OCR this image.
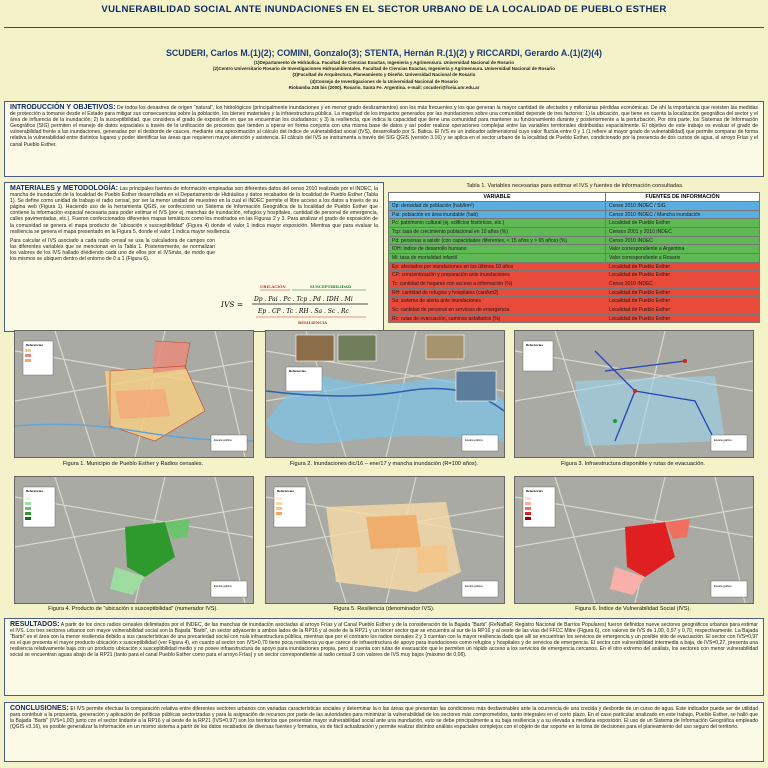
VULNERABILIDAD SOCIAL ANTE INUNDACIONES EN EL SECTOR URBANO DE LA LOCALIDAD DE PUEBLO ESTHER
SCUDERI, Carlos M.(1)(2); COMINI, Gonzalo(3); STENTA, Hernán R.(1)(2) y RICCARDI, Gerardo A.(1)(2)(4)
(1)Departamento de Hidráulica. Facultad de Ciencias Exactas, Ingeniería y Agrimensura. Universidad Nacional de Rosario
(2)Centro Universitario Rosario de Investigaciones Hidroambientales. Facultad de Ciencias Exactas, Ingeniería y Agrimensura. Universidad Nacional de Rosario
(3)Facultad de Arquitectura, Planeamiento y Diseño. Universidad Nacional de Rosario
(4)Consejo de Investigaciones de la Universidad Nacional de Rosario
Riobamba 245 bis (2000). Rosario. Santa Fe. Argentina. e-mail: cscuderi@fceia.unr.edu.ar
INTRODUCCIÓN Y OBJETIVOS: De todos los desastres de origen “natural”, los hidrológicos (principalmente inundaciones y en menor grado deslizamientos) son los más frecuentes y los que generan la mayor cantidad de afectados y millonarias pérdidas económicas. De ahí la importancia que revisten las medidas de protección a tomarse desde el Estado para mitigar sus consecuencias sobre la población, los bienes materiales y la infraestructura pública. La magnitud de los impactos generados por las inundaciones sobre una comunidad depende de tres factores: 1) la ubicación, que tiene en cuenta la localización geográfica del sector y el área de influencia de la inundación; 2) la susceptibilidad, que considera el grado de exposición en que se encuentran los ciudadanos; y 3) la resiliencia, que indica la capacidad que tiene una comunidad para mantener su funcionamiento durante y posteriormente a la perturbación. Por otra parte, los Sistemas de Información Geográfica (SIG) permiten el manejo de datos espaciales a través de la unificación de procesos que tienden a operar en forma conjunta con una misma base de datos y así poder realizar operaciones complejas entre las variables territoriales distribuidas espacialmente. El objetivo de este trabajo es evaluar el grado de vulnerabilidad frente a las inundaciones, generadas por el desborde de cauces, mediante una aproximación al cálculo del índice de vulnerabilidad social (IVS), desarrollado por S. Batica. El IVS es un indicador adimensional cuyo valor fluctúa entre 0 y 1 (1 refiere al mayor grado de vulnerabilidad) que permite comparar de forma relativa la vulnerabilidad entre distintos lugares y poder identificar las áreas que requieren mayor atención y asistencia. El cálculo del IVS se instrumenta a través del SIG QGIS (versión 3.16) y se aplica en el sector urbano de la localidad de Pueblo Esther, condicionado por la presencia de dos cursos de agua, el arroyo Frías y el canal Pueblo Esther.
MATERIALES y METODOLOGÍA: Las principales fuentes de información empleadas son diferentes datos del censo 2010 realizado por el INDEC, la mancha de inundación de la localidad de Pueblo Esther desarrollada en el Departamento de Hidráulica y datos recabados de la localidad de Pueblo Esther (Tabla 1). Se define como unidad de trabajo el radio censal, por ser la menor unidad de muestreo en la cual el INDEC permite el libre acceso a los datos a través de su página web (Figura 1). Haciendo uso de la herramienta QGIS, se confeccionó un Sistema de Información Geográfica de la localidad de Pueblo Esther que contiene la información espacial necesaria para poder estimar el IVS (por ej. manchas de inundación, refugios y hospitales, cantidad de personal de emergencia, calles pavimentadas, etc.). Fueron confeccionados diferentes mapas temáticos como los mostrados en las Figuras 2 y 3. Para analizar el grado de exposición de la comunidad se genera el mapa producto de “ubicación x susceptibilidad” (Figura 4) donde el valor 1 indica mayor exposición. Mientras que para evaluar la resiliencia se genera el mapa presentado en la Figura 5, donde el valor 1 indica mayor resiliencia.
Para calcular el IVS asociado a cada radio censal se usa la calculadora de campos con las diferentes variables que se mencionan en la Tabla 1. Posteriormente, se normalizan los valores de los IVS hallado dividiendo cada uno de ellos por el IVSmáx, de modo que los mismos se ubiquen dentro del entorno de 0 a 1 (Figura 6).
IVS =
UBICACIÓN	SUSCEPTIBILIDAD
Dp . Pai . Pc . Tcp . Pd . IDH . Mi
Ep . CP . Tc . RH . Sa . Sc . Rc
RESILIENCIA
Tabla 1. Variables necesarias para estimar el IVS y fuentes de información consultadas.
VARIABLE	FUENTES DE INFORMACIÓN
Dp: densidad de población (hab/km²)	Censo 2010 INDEC / SIG
Pai: población en área inundable (hab)	Censo 2010 INDEC / Mancha inundación
Pc: patrimonio cultural (ej. edificios históricos, etc.)	Localidad de Pueblo Esther
Tcp: tasa de crecimiento poblacional en 10 años (%)	Censos 2001 y 2010 INDEC
Pd: personas a asistir (con capacidades diferentes, < 15 años y > 65 años) (%)	Censo 2010 INDEC
IDH: índice de desarrollo humano	Valor correspondiente a Argentina
Mi: tasa de mortalidad infantil	Valor correspondiente a Rosario
Ep: afectados por inundaciones en los últimos 10 años	Localidad de Pueblo Esther
CP: concientización y preparación ante inundaciones	Localidad de Pueblo Esther
Tc: cantidad de hogares con acceso a información (%)	Censo 2010 INDEC
RH: cantidad de refugios y hospitales (can/km2)	Localidad de Pueblo Esther
Sa: sistema de alerta ante inundaciones	Localidad de Pueblo Esther
Sc: cantidad de personal en servicios de emergencia	Localidad de Pueblo Esther
Rc: rutas de evacuación, caminos asfaltados (%)	Localidad de Pueblo Esther
Referencias
Escala gráfica
Referencias
Escala gráfica
Referencias
Escala gráfica
Figura 1. Municipio de Pueblo Esther y Radios censales.	Figura 2. Inundaciones dic/16 – ene/17 y mancha inundación (R=100 años).	Figura 3. Infraestructura disponible y rutas de evacuación.
Referencias
Escala gráfica
Referencias
Escala gráfica
Referencias
Escala gráfica
Figura 4. Producto de “ubicación x susceptibilidad” (numerador IVS).	Figura 5. Resiliencia (denominador IVS).	Figura 6. Índice de Vulnerabilidad Social (IVS).
RESULTADOS: A partir de los cinco radios censales delimitados por el INDEC, de las manchas de inundación asociadas al arroyo Frías y al Canal Pueblo Esther y de la consideración de la Bajada “Barbi” (ReNaBaP, Registro Nacional de Barrios Populares) fueron definidos nueve sectores geográficos urbanos para estimar el IVS. Los tres sectores urbanos con mayor vulnerabilidad social son la Bajada “Barbi”, un sector adyacente a ambos lados de la RP16 y al oeste de la RP21 y un tercer sector que se encuentra al sur de la RP16 y al oeste de las vías del FFCC Mitre (Figura 6), con valores de IVS de 1,00, 0,97 y 0,70, respectivamente. La Bajada “Barbi” es el área con la menor resiliencia debido a sus características de una precariedad social con nula infraestructura pública, mientras que por el contrario los radios censales 2 y 3 cuentan con la mayor resiliencia dado que allí se encuentran los servicios de emergencia y un posible sitio de evacuación. El sector con IVS=0,97 es el que presenta el mayor producto ubicación x susceptibilidad (ver Figura 4), en cuanto al sector con IVS=0,70 tiene poca resiliencia ya que carece de infraestructura de apoyo para inundaciones como refugios y hospitales y de servicios de emergencia. El sector con vulnerabilidad intermedia a baja, de IVS=0,27, presenta una resiliencia relativamente baja con un producto ubicación x susceptibilidad medio y no posee infraestructura de apoyo para inundaciones propia, pero si cuenta con rutas de evacuación que le permiten un rápido acceso a los servicios de emergencia cercanos. En el otro extremo del análisis, los sectores con menor vulnerabilidad social se encuentran aguas abajo de la RP21 (tanto para el canal Pueblo Esther como para el arroyo Frías) y un sector correspondiente al radio censal 3 con valores de IVS muy bajos (máximo de 0,06).
CONCLUSIONES: El IVS permite efectuar la comparación relativa entre diferentes sectores urbanos con variadas características sociales y determinar la o las áreas que presentan las condiciones más desfavorables ante la ocurrencia de una crecida y desborde de un curso de agua. Este indicador puede ser de utilidad para contribuir a la propuesta, generación y aplicación de políticas públicas sectorizadas y para la asignación de recursos por parte de las autoridades para minimizar la vulnerabilidad de los sectores más comprometidos, tanto integrales en el corto plazo. En el caso particular analizado en este trabajo, Pueblo Esther, se halló que la Bajada “Barbi” (IVS=1,00) junto con el sector lindante a la RP16 y al oeste de la RP21 (IVS=0,97) son los territorios que presentan mayor vulnerabilidad social ante una inundación, esto se debe principalmente a su baja resiliencia y a su elevada a mediana exposición. El uso de un Sistema de Información Geográfica empleado (QGIS v3.16), es posible generalizar la información en un mismo sistema a partir de los datos recabados de diversas fuentes y formatos, es de fácil actualización y permite realizar distintos análisis espaciales complejos con el objeto de dar soporte en la toma de decisiones para el planeamiento del uso seguro del territorio.
